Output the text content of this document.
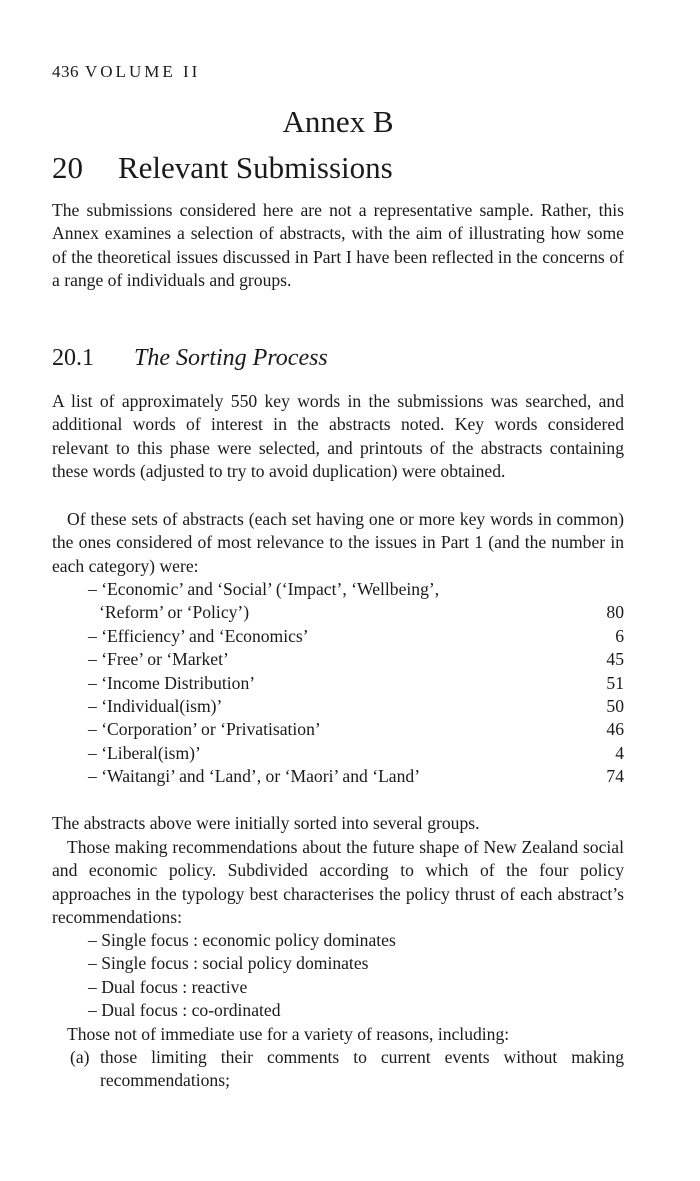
436 VOLUME II
Annex B
20 Relevant Submissions

The submissions considered here are not a representative sample. Rather, this Annex examines a selection of abstracts, with the aim of illustrating how some of the theoretical issues discussed in Part I have been reflected in the concerns of a range of individuals and groups.

20.1 The Sorting Process

A list of approximately 550 key words in the submissions was searched, and additional words of interest in the abstracts noted. Key words considered relevant to this phase were selected, and printouts of the abstracts containing these words (adjusted to try to avoid duplication) were obtained.

Of these sets of abstracts (each set having one or more key words in common) the ones considered of most relevance to the issues in Part 1 (and the number in each category) were:

– ‘Economic’ and ‘Social’ (‘Impact’, ‘Wellbeing’,
‘Reform’ or ‘Policy’)	80
– ‘Efficiency’ and ‘Economics’	6
– ‘Free’ or ‘Market’	45
– ‘Income Distribution’	51
– ‘Individual(ism)’	50
– ‘Corporation’ or ‘Privatisation’	46
– ‘Liberal(ism)’	4
– ‘Waitangi’ and ‘Land’, or ‘Maori’ and ‘Land’	74

The abstracts above were initially sorted into several groups.

Those making recommendations about the future shape of New Zealand social and economic policy. Subdivided according to which of the four policy approaches in the typology best characterises the policy thrust of each abstract’s recommendations:

– Single focus : economic policy dominates
– Single focus : social policy dominates
– Dual focus : reactive
– Dual focus : co-ordinated

Those not of immediate use for a variety of reasons, including:

(a) those limiting their comments to current events without making recommendations;
